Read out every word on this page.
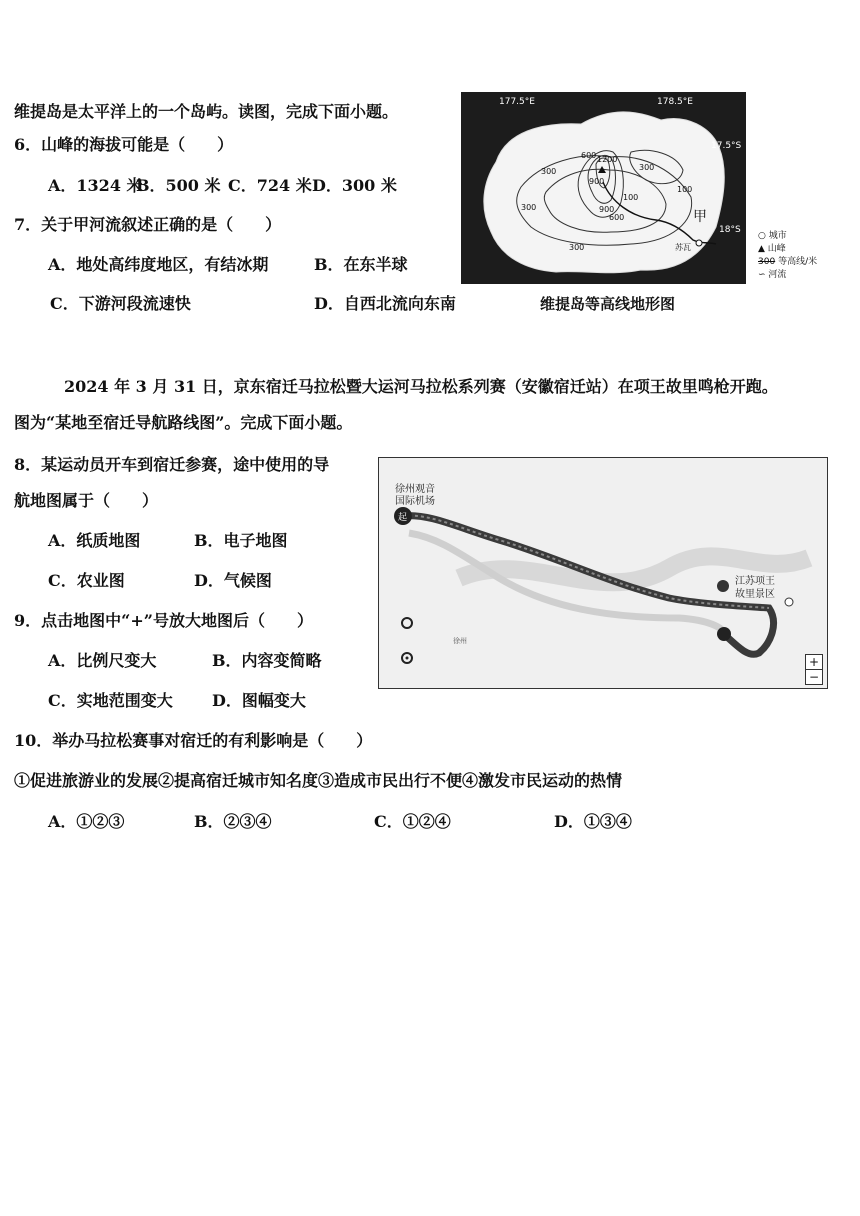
维提岛是太平洋上的一个岛屿。读图，完成下面小题。
6．山峰的海拔可能是（　　）
A．1324 米
B．500 米 C．724 米 D．300 米
7．关于甲河流叙述正确的是（　　）
A．地处高纬度地区，有结冰期	B．在东半球
C．下游河段流速快	D．自西北流向东南
177.5°E	178.5°E
17.5°S
18°S
300
600
900
1200
300
900
600
300
100
100
300
甲
苏瓦
○ 城市
▲ 山峰
300 等高线/米
∽ 河流
维提岛等高线地形图
2024 年 3 月 31 日，京东宿迁马拉松暨大运河马拉松系列赛（安徽宿迁站）在项王故里鸣枪开跑。
图为“某地至宿迁导航路线图”。完成下面小题。
8．某运动员开车到宿迁参赛，途中使用的导
航地图属于（　　）
A．纸质地图	B．电子地图
C．农业图	D．气候图
9．点击地图中“+”号放大地图后（　　）
A．比例尺变大	B．内容变简略
C．实地范围变大 D．图幅变大
10．举办马拉松赛事对宿迁的有利影响是（　　）
①促进旅游业的发展②提高宿迁城市知名度③造成市民出行不便④激发市民运动的热情
A．①②③	B．②③④	C．①②④	D．①③④
起
徐州观音
国际机场
江苏项王
故里景区
徐州
+
−
